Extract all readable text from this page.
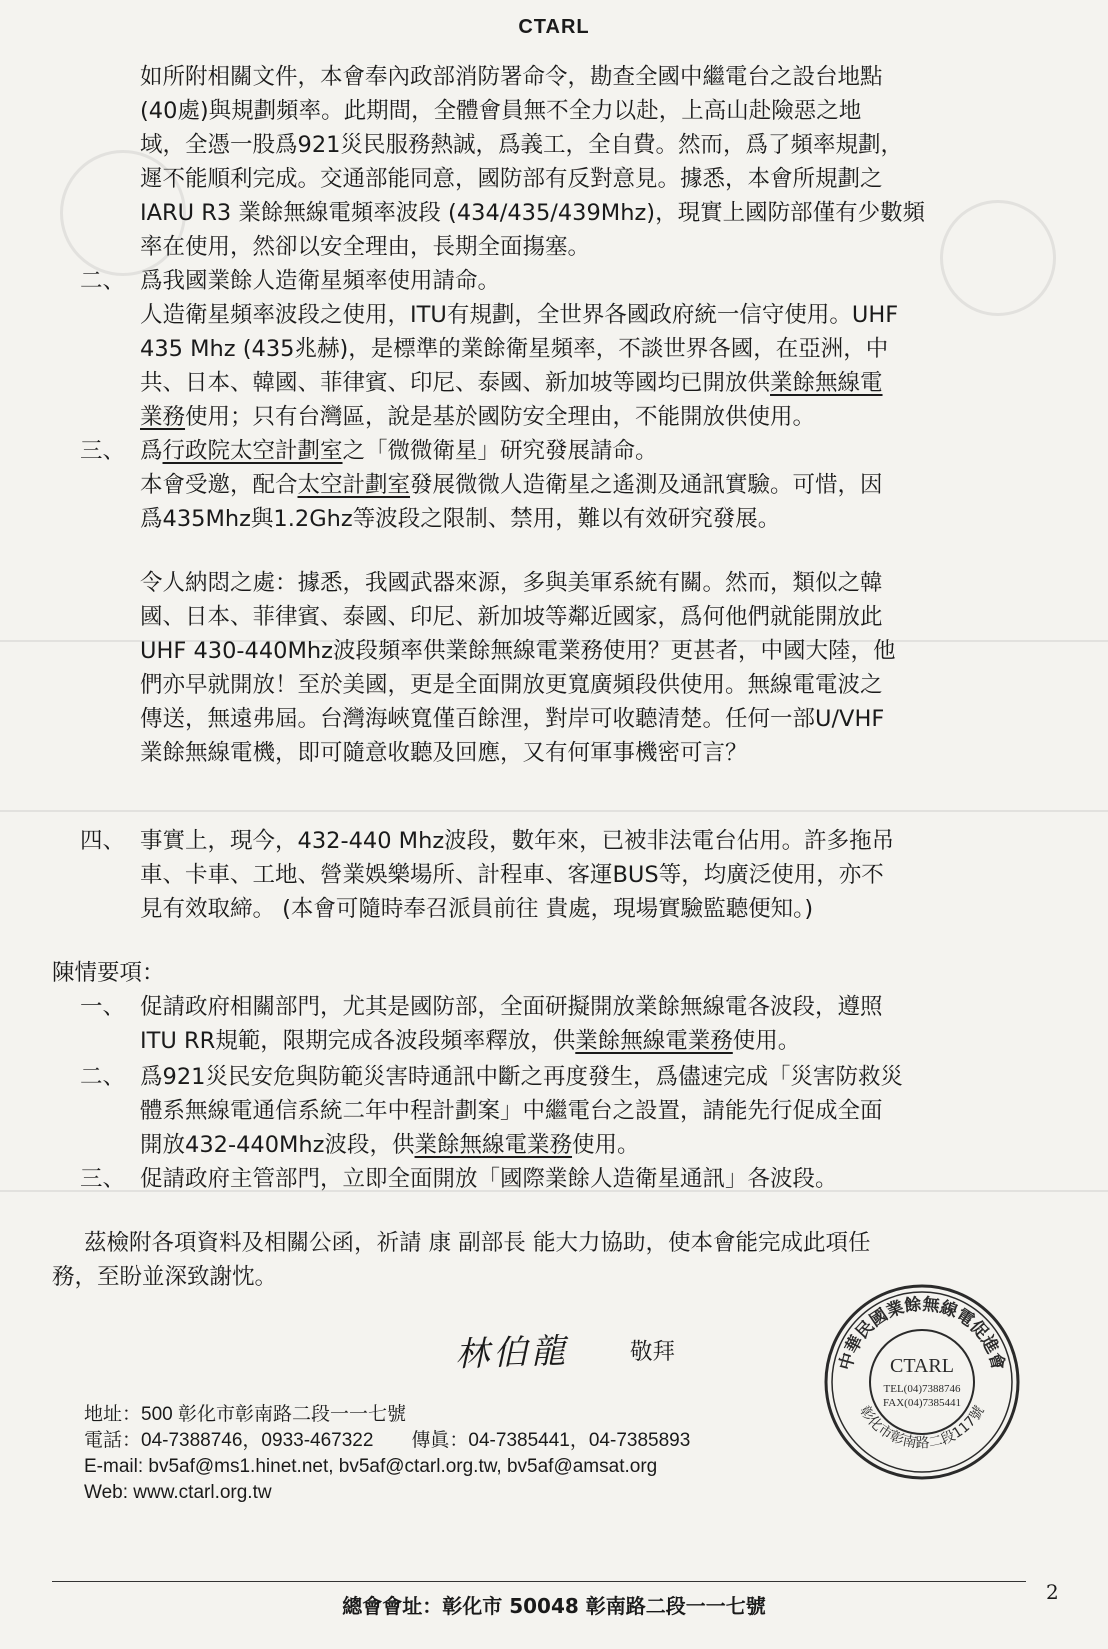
CTARL
如所附相關文件，本會奉內政部消防署命令，勘查全國中繼電台之設台地點
(40處)與規劃頻率。此期間，全體會員無不全力以赴，上高山赴險惡之地
域，全憑一股爲921災民服務熱誠，爲義工，全自費。然而，爲了頻率規劃，
遲不能順利完成。交通部能同意，國防部有反對意見。據悉，本會所規劃之
IARU R3 業餘無線電頻率波段 (434/435/439Mhz)，現實上國防部僅有少數頻
率在使用，然卻以安全理由，長期全面摥塞。
二、 爲我國業餘人造衛星頻率使用請命。
人造衛星頻率波段之使用，ITU有規劃，全世界各國政府統一信守使用。UHF
435 Mhz (435兆赫)，是標準的業餘衛星頻率，不談世界各國，在亞洲，中
共、日本、韓國、菲律賓、印尼、泰國、新加坡等國均已開放供業餘無線電
業務使用；只有台灣區，說是基於國防安全理由，不能開放供使用。
三、 爲行政院太空計劃室之「微微衛星」研究發展請命。
本會受邀，配合太空計劃室發展微微人造衛星之遙測及通訊實驗。可惜，因
爲435Mhz與1.2Ghz等波段之限制、禁用，難以有效研究發展。
令人納悶之處：據悉，我國武器來源，多與美軍系統有關。然而，類似之韓
國、日本、菲律賓、泰國、印尼、新加坡等鄰近國家，爲何他們就能開放此
UHF 430-440Mhz波段頻率供業餘無線電業務使用？更甚者，中國大陸，他
們亦早就開放！至於美國，更是全面開放更寬廣頻段供使用。無線電電波之
傳送，無遠弗屆。台灣海峽寬僅百餘浬，對岸可收聽清楚。任何一部U/VHF
業餘無線電機，即可隨意收聽及回應，又有何軍事機密可言？
四、 事實上，現今，432-440 Mhz波段，數年來，已被非法電台佔用。許多拖吊
車、卡車、工地、營業娛樂場所、計程車、客運BUS等，均廣泛使用，亦不
見有效取締。 (本會可隨時奉召派員前往 貴處，現場實驗監聽便知。)
陳情要項：
一、 促請政府相關部門，尤其是國防部，全面研擬開放業餘無線電各波段，遵照
ITU RR規範，限期完成各波段頻率釋放，供業餘無線電業務使用。
二、 爲921災民安危與防範災害時通訊中斷之再度發生，爲儘速完成「災害防救災
體系無線電通信系統二年中程計劃案」中繼電台之設置，請能先行促成全面
開放432-440Mhz波段，供業餘無線電業務使用。
三、 促請政府主管部門，立即全面開放「國際業餘人造衛星通訊」各波段。
茲檢附各項資料及相關公函，祈請 康 副部長 能大力協助，使本會能完成此項任
務，至盼並深致謝忱。
林伯龍	敬拜	中華民國業餘無線電促進會
彰化市彰南路二段117號
CTARL
TEL(04)7388746
FAX(04)7385441
地址：500 彰化市彰南路二段一一七號
電話：04-7388746，0933-467322　　傳眞：04-7385441，04-7385893
E-mail: bv5af@ms1.hinet.net, bv5af@ctarl.org.tw, bv5af@amsat.org
Web: www.ctarl.org.tw
總會會址：彰化市 50048 彰南路二段一一七號
2
